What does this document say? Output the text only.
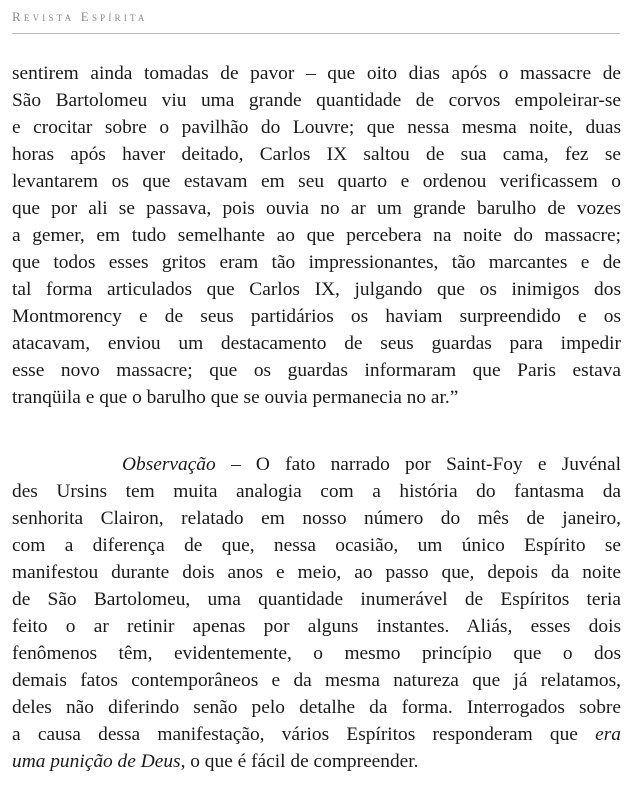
Revista Espírita
sentirem ainda tomadas de pavor – que oito dias após o massacre de
São Bartolomeu viu uma grande quantidade de corvos empoleirar-se
e crocitar sobre o pavilhão do Louvre; que nessa mesma noite, duas
horas após haver deitado, Carlos IX saltou de sua cama, fez se
levantarem os que estavam em seu quarto e ordenou verificassem o
que por ali se passava, pois ouvia no ar um grande barulho de vozes
a gemer, em tudo semelhante ao que percebera na noite do massacre;
que todos esses gritos eram tão impressionantes, tão marcantes e de
tal forma articulados que Carlos IX, julgando que os inimigos dos
Montmorency e de seus partidários os haviam surpreendido e os
atacavam, enviou um destacamento de seus guardas para impedir
esse novo massacre; que os guardas informaram que Paris estava
tranqüila e que o barulho que se ouvia permanecia no ar.”
Observação – O fato narrado por Saint-Foy e Juvénal
des Ursins tem muita analogia com a história do fantasma da
senhorita Clairon, relatado em nosso número do mês de janeiro,
com a diferença de que, nessa ocasião, um único Espírito se
manifestou durante dois anos e meio, ao passo que, depois da noite
de São Bartolomeu, uma quantidade inumerável de Espíritos teria
feito o ar retinir apenas por alguns instantes. Aliás, esses dois
fenômenos têm, evidentemente, o mesmo princípio que o dos
demais fatos contemporâneos e da mesma natureza que já relatamos,
deles não diferindo senão pelo detalhe da forma. Interrogados sobre
a causa dessa manifestação, vários Espíritos responderam que era
uma punição de Deus, o que é fácil de compreender.
